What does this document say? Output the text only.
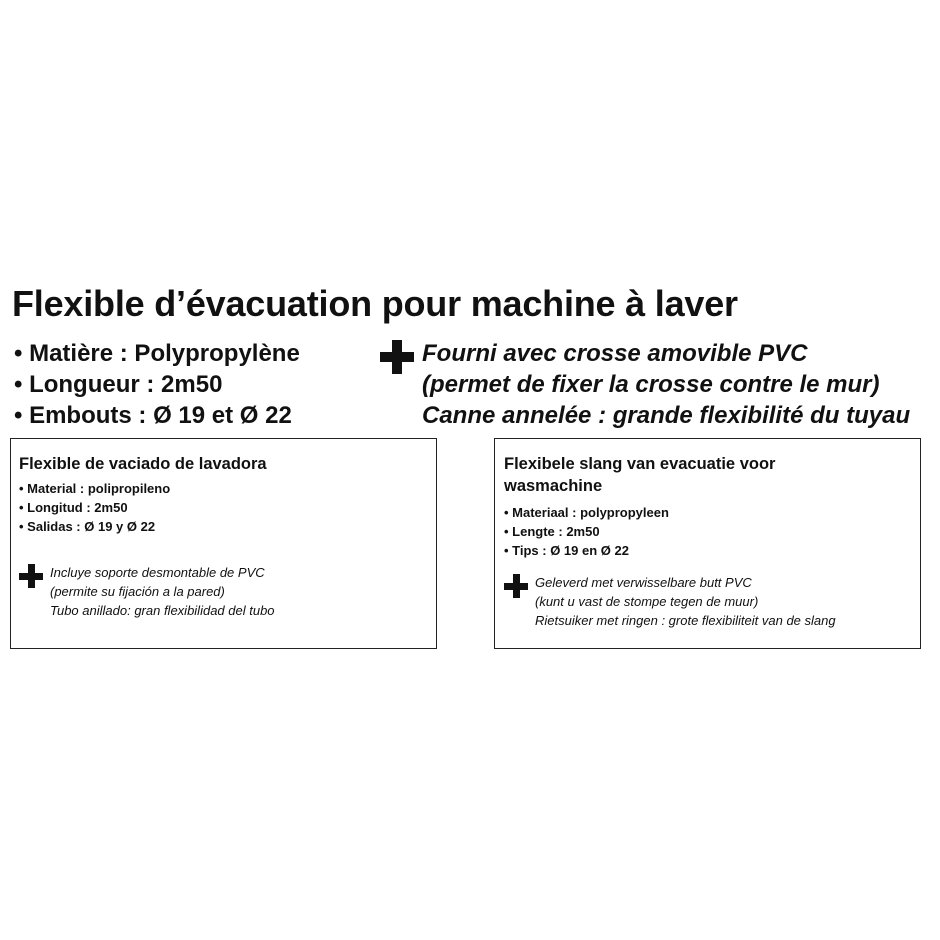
Flexible d’évacuation pour machine à laver
• Matière : Polypropylène
• Longueur : 2m50
• Embouts : Ø 19 et Ø 22
Fourni avec crosse amovible PVC
(permet de fixer la crosse contre le mur)
Canne annelée : grande flexibilité du tuyau
Flexible de vaciado de lavadora
• Material : polipropileno
• Longitud : 2m50
• Salidas : Ø 19 y Ø 22
Incluye soporte desmontable de PVC
(permite su fijación a la pared)
Tubo anillado: gran flexibilidad del tubo
Flexibele slang van evacuatie voor wasmachine
• Materiaal : polypropyleen
• Lengte : 2m50
• Tips : Ø 19 en Ø 22
Geleverd met verwisselbare butt PVC
(kunt u vast de stompe tegen de muur)
Rietsuiker met ringen : grote flexibiliteit van de slang
